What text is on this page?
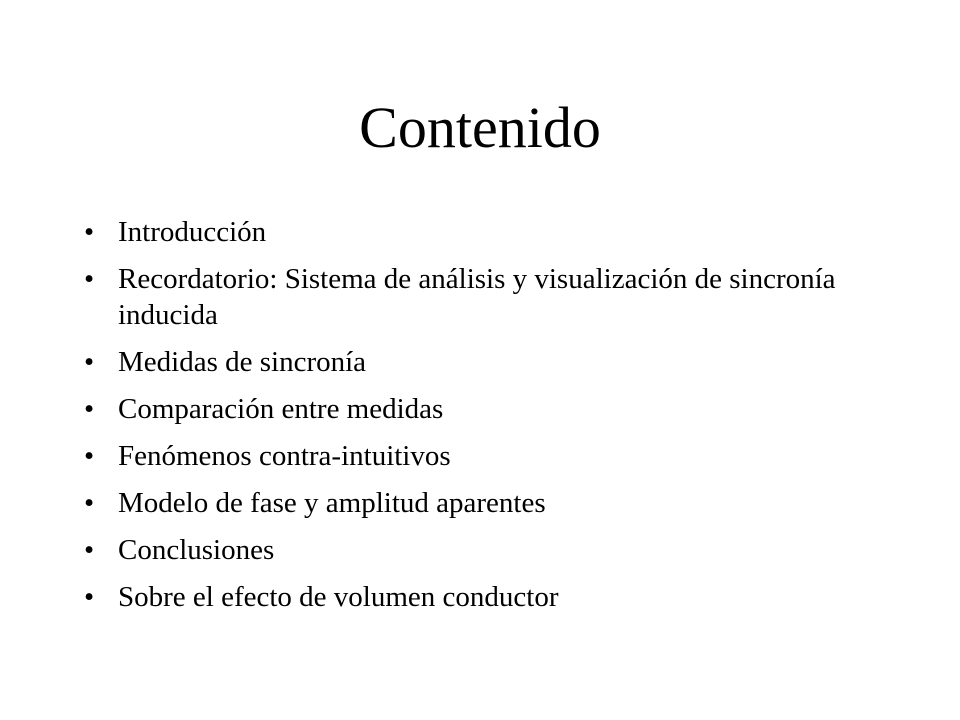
Contenido
• Introducción
• Recordatorio: Sistema de análisis y visualización de sincronía inducida
• Medidas de sincronía
• Comparación entre medidas
• Fenómenos contra-intuitivos
• Modelo de fase y amplitud aparentes
• Conclusiones
• Sobre el efecto de volumen conductor
